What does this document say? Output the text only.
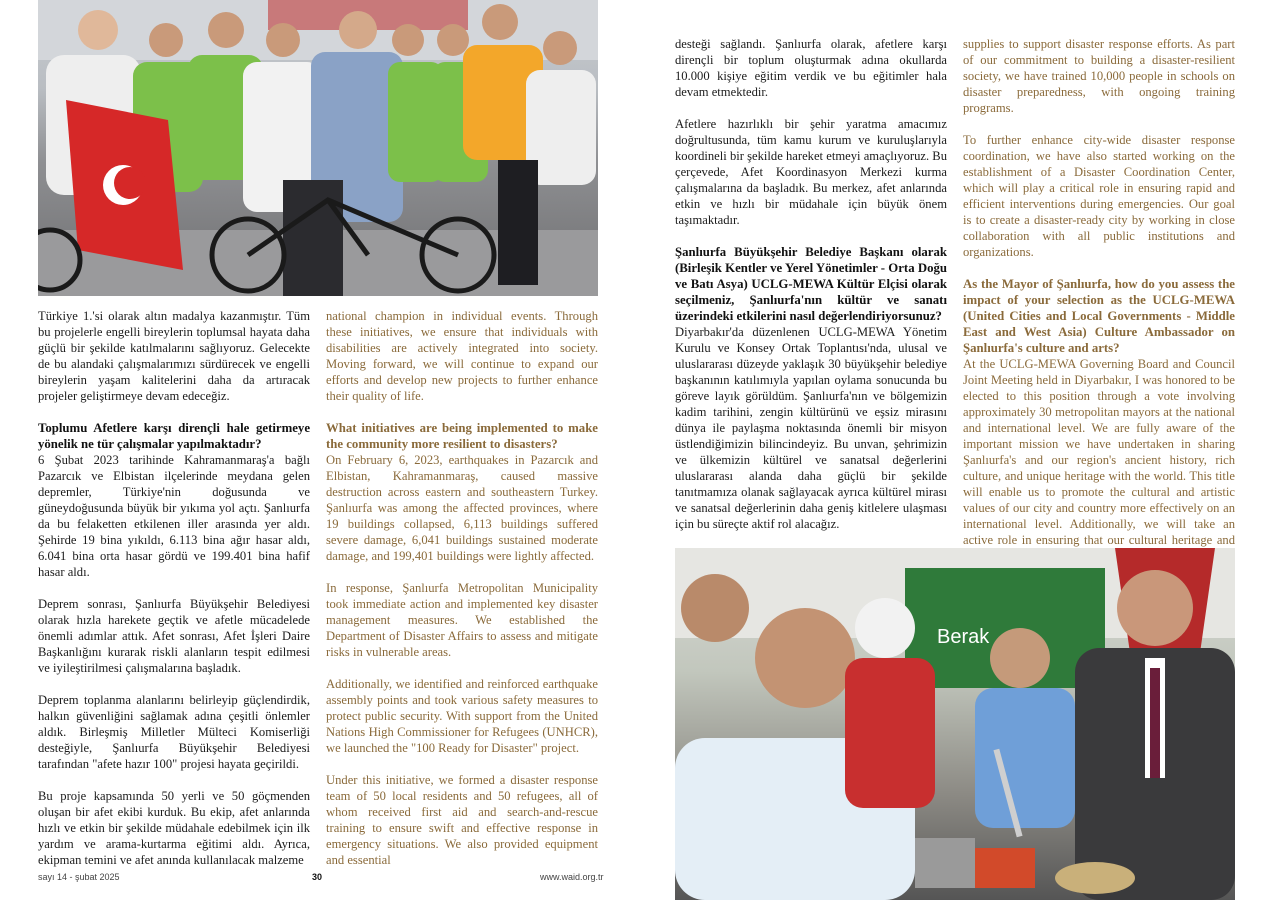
Türkiye 1.'si olarak altın madalya kazanmıştır. Tüm bu projelerle engelli bireylerin toplumsal hayata daha güçlü bir şekilde katılmalarını sağlıyoruz. Gelecekte de bu alandaki çalışmalarımızı sürdürecek ve engelli bireylerin yaşam kalitelerini daha da artıracak projeler geliştirmeye devam edeceğiz.

Toplumu Afetlere karşı dirençli hale getirmeye yönelik ne tür çalışmalar yapılmaktadır?

6 Şubat 2023 tarihinde Kahramanmaraş'a bağlı Pazarcık ve Elbistan ilçelerinde meydana gelen depremler, Türkiye'nin doğusunda ve güneydoğusunda büyük bir yıkıma yol açtı. Şanlıurfa da bu felaketten etkilenen iller arasında yer aldı. Şehirde 19 bina yıkıldı, 6.113 bina ağır hasar aldı, 6.041 bina orta hasar gördü ve 199.401 bina hafif hasar aldı.

Deprem sonrası, Şanlıurfa Büyükşehir Belediyesi olarak hızla harekete geçtik ve afetle mücadelede önemli adımlar attık. Afet sonrası, Afet İşleri Daire Başkanlığını kurarak riskli alanların tespit edilmesi ve iyileştirilmesi çalışmalarına başladık.

Deprem toplanma alanlarını belirleyip güçlendirdik, halkın güvenliğini sağlamak adına çeşitli önlemler aldık. Birleşmiş Milletler Mülteci Komiserliği desteğiyle, Şanlıurfa Büyükşehir Belediyesi tarafından "afete hazır 100" projesi hayata geçirildi.

Bu proje kapsamında 50 yerli ve 50 göçmenden oluşan bir afet ekibi kurduk. Bu ekip, afet anlarında hızlı ve etkin bir şekilde müdahale edebilmek için ilk yardım ve arama-kurtarma eğitimi aldı. Ayrıca, ekipman temini ve afet anında kullanılacak malzeme

national champion in individual events. Through these initiatives, we ensure that individuals with disabilities are actively integrated into society. Moving forward, we will continue to expand our efforts and develop new projects to further enhance their quality of life.

What initiatives are being implemented to make the community more resilient to disasters?

On February 6, 2023, earthquakes in Pazarcık and Elbistan, Kahramanmaraş, caused massive destruction across eastern and southeastern Turkey. Şanlıurfa was among the affected provinces, where 19 buildings collapsed, 6,113 buildings suffered severe damage, 6,041 buildings sustained moderate damage, and 199,401 buildings were lightly affected.

In response, Şanlıurfa Metropolitan Municipality took immediate action and implemented key disaster management measures. We established the Department of Disaster Affairs to assess and mitigate risks in vulnerable areas.

Additionally, we identified and reinforced earthquake assembly points and took various safety measures to protect public security. With support from the United Nations High Commissioner for Refugees (UNHCR), we launched the "100 Ready for Disaster" project.

Under this initiative, we formed a disaster response team of 50 local residents and 50 refugees, all of whom received first aid and search-and-rescue training to ensure swift and effective response in emergency situations. We also provided equipment and essential

sayı 14 - şubat 2025	30	www.waid.org.tr

desteği sağlandı. Şanlıurfa olarak, afetlere karşı dirençli bir toplum oluşturmak adına okullarda 10.000 kişiye eğitim verdik ve bu eğitimler hala devam etmektedir.

Afetlere hazırlıklı bir şehir yaratma amacımız doğrultusunda, tüm kamu kurum ve kuruluşlarıyla koordineli bir şekilde hareket etmeyi amaçlıyoruz. Bu çerçevede, Afet Koordinasyon Merkezi kurma çalışmalarına da başladık. Bu merkez, afet anlarında etkin ve hızlı bir müdahale için büyük önem taşımaktadır.

Şanlıurfa Büyükşehir Belediye Başkanı olarak (Birleşik Kentler ve Yerel Yönetimler - Orta Doğu ve Batı Asya) UCLG-MEWA Kültür Elçisi olarak seçilmeniz, Şanlıurfa'nın kültür ve sanatı üzerindeki etkilerini nasıl değerlendiriyorsunuz?

Diyarbakır'da düzenlenen UCLG-MEWA Yönetim Kurulu ve Konsey Ortak Toplantısı'nda, ulusal ve uluslararası düzeyde yaklaşık 30 büyükşehir belediye başkanının katılımıyla yapılan oylama sonucunda bu göreve layık görüldüm. Şanlıurfa'nın ve bölgemizin kadim tarihini, zengin kültürünü ve eşsiz mirasını dünya ile paylaşma noktasında önemli bir misyon üstlendiğimizin bilincindeyiz. Bu unvan, şehrimizin ve ülkemizin kültürel ve sanatsal değerlerini uluslararası alanda daha güçlü bir şekilde tanıtmamıza olanak sağlayacak ayrıca kültürel mirası ve sanatsal değerlerinin daha geniş kitlelere ulaşması için bu süreçte aktif rol alacağız.

supplies to support disaster response efforts. As part of our commitment to building a disaster-resilient society, we have trained 10,000 people in schools on disaster preparedness, with ongoing training programs.

To further enhance city-wide disaster response coordination, we have also started working on the establishment of a Disaster Coordination Center, which will play a critical role in ensuring rapid and efficient interventions during emergencies. Our goal is to create a disaster-ready city by working in close collaboration with all public institutions and organizations.

As the Mayor of Şanlıurfa, how do you assess the impact of your selection as the UCLG-MEWA (United Cities and Local Governments - Middle East and West Asia) Culture Ambassador on Şanlıurfa's culture and arts?

At the UCLG-MEWA Governing Board and Council Joint Meeting held in Diyarbakır, I was honored to be elected to this position through a vote involving approximately 30 metropolitan mayors at the national and international level. We are fully aware of the important mission we have undertaken in sharing Şanlıurfa's and our region's ancient history, rich culture, and unique heritage with the world. This title will enable us to promote the cultural and artistic values of our city and country more effectively on an international level. Additionally, we will take an active role in ensuring that our cultural heritage and

Berak
